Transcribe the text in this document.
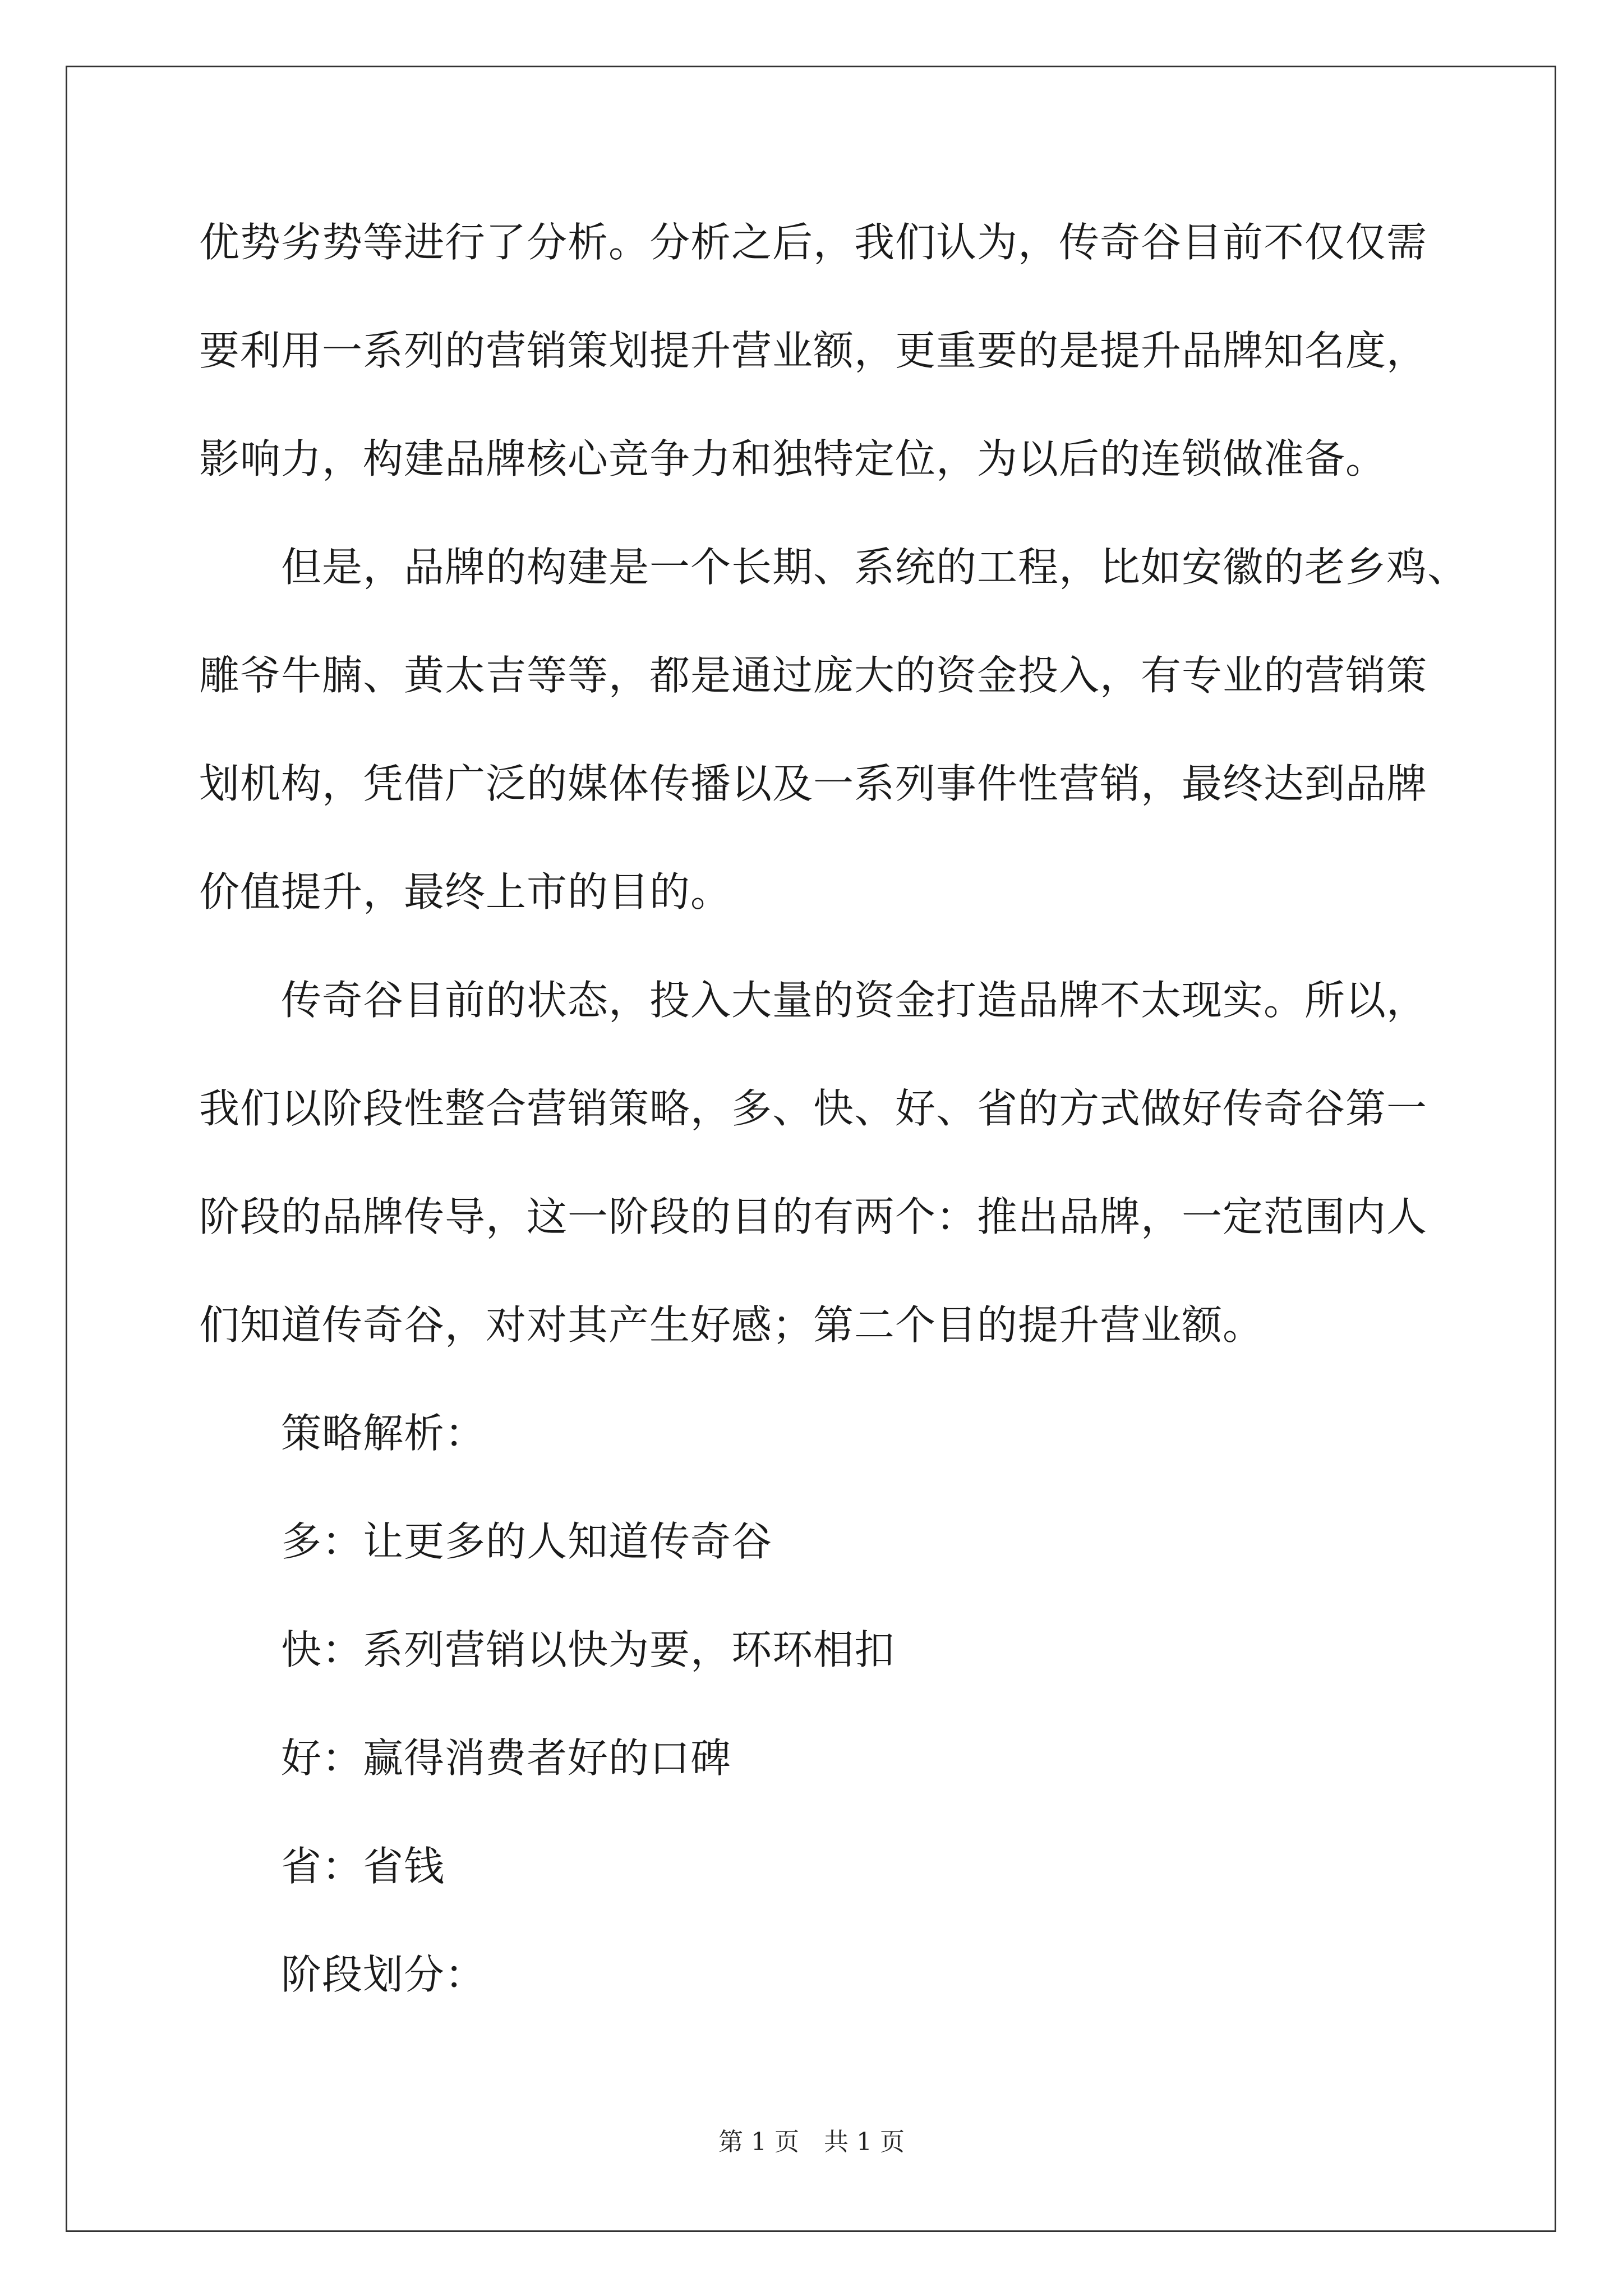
优势劣势等进行了分析。分析之后，我们认为，传奇谷目前不仅仅需

要利用一系列的营销策划提升营业额，更重要的是提升品牌知名度，

影响力，构建品牌核心竞争力和独特定位，为以后的连锁做准备。

但是，品牌的构建是一个长期、系统的工程，比如安徽的老乡鸡、

雕爷牛腩、黄太吉等等，都是通过庞大的资金投入，有专业的营销策

划机构，凭借广泛的媒体传播以及一系列事件性营销，最终达到品牌

价值提升，最终上市的目的。

传奇谷目前的状态，投入大量的资金打造品牌不太现实。所以，

我们以阶段性整合营销策略，多、快、好、省的方式做好传奇谷第一

阶段的品牌传导，这一阶段的目的有两个：推出品牌，一定范围内人

们知道传奇谷，对对其产生好感；第二个目的提升营业额。

策略解析：

多：让更多的人知道传奇谷

快：系列营销以快为要，环环相扣

好：赢得消费者好的口碑

省：省钱

阶段划分：

第 1 页　共 1 页
